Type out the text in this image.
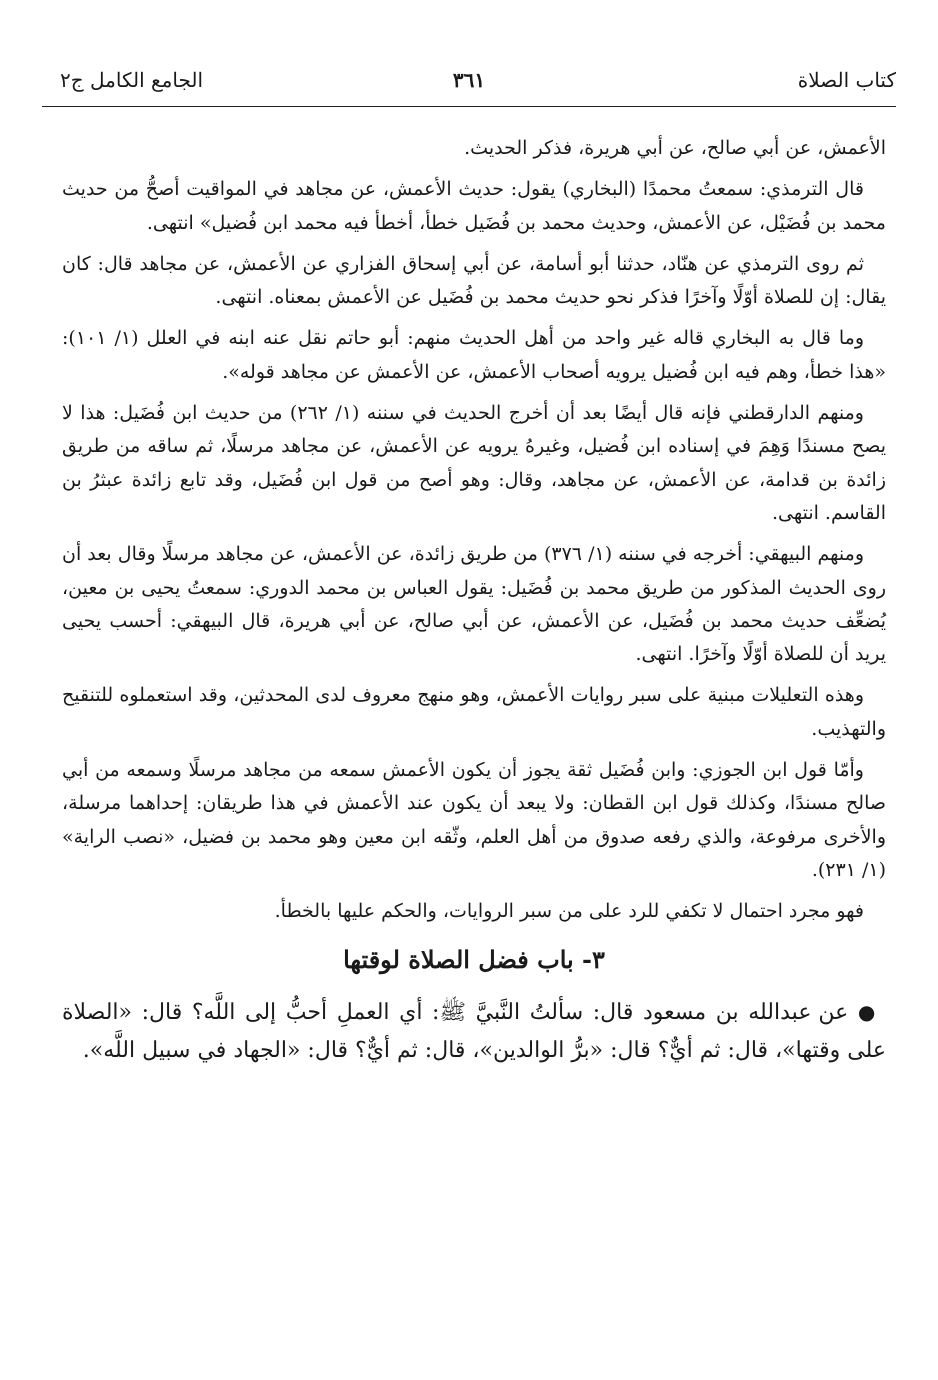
كتاب الصلاة
٣٦١
الجامع الكامل ج٢

الأعمش، عن أبي صالح، عن أبي هريرة، فذكر الحديث.

قال الترمذي: سمعتُ محمدًا (البخاري) يقول: حديث الأعمش، عن مجاهد في المواقيت أصحُّ من حديث محمد بن فُضَيْل، عن الأعمش، وحديث محمد بن فُضَيل خطأ، أخطأ فيه محمد ابن فُضيل» انتهى.

ثم روى الترمذي عن هنّاد، حدثنا أبو أسامة، عن أبي إسحاق الفزاري عن الأعمش، عن مجاهد قال: كان يقال: إن للصلاة أوّلًا وآخرًا فذكر نحو حديث محمد بن فُضَيل عن الأعمش بمعناه. انتهى.

وما قال به البخاري قاله غير واحد من أهل الحديث منهم: أبو حاتم نقل عنه ابنه في العلل (١/ ١٠١): «هذا خطأ، وهم فيه ابن فُضيل يرويه أصحاب الأعمش، عن الأعمش عن مجاهد قوله».

ومنهم الدارقطني فإنه قال أيضًا بعد أن أخرج الحديث في سننه (١/ ٢٦٢) من حديث ابن فُضَيل: هذا لا يصح مسندًا وَهِمَ في إسناده ابن فُضيل، وغيرهُ يرويه عن الأعمش، عن مجاهد مرسلًا، ثم ساقه من طريق زائدة بن قدامة، عن الأعمش، عن مجاهد، وقال: وهو أصح من قول ابن فُضَيل، وقد تابع زائدة عبثرُ بن القاسم. انتهى.

ومنهم البيهقي: أخرجه في سننه (١/ ٣٧٦) من طريق زائدة، عن الأعمش، عن مجاهد مرسلًا وقال بعد أن روى الحديث المذكور من طريق محمد بن فُضَيل: يقول العباس بن محمد الدوري: سمعتُ يحيى بن معين، يُضعِّف حديث محمد بن فُضَيل، عن الأعمش، عن أبي صالح، عن أبي هريرة، قال البيهقي: أحسب يحيى يريد أن للصلاة أوّلًا وآخرًا. انتهى.

وهذه التعليلات مبنية على سبر روايات الأعمش، وهو منهج معروف لدى المحدثين، وقد استعملوه للتنقيح والتهذيب.

وأمّا قول ابن الجوزي: وابن فُضَيل ثقة يجوز أن يكون الأعمش سمعه من مجاهد مرسلًا وسمعه من أبي صالح مسندًا، وكذلك قول ابن القطان: ولا يبعد أن يكون عند الأعمش في هذا طريقان: إحداهما مرسلة، والأخرى مرفوعة، والذي رفعه صدوق من أهل العلم، وثّقه ابن معين وهو محمد بن فضيل، «نصب الراية» (١/ ٢٣١).

فهو مجرد احتمال لا تكفي للرد على من سبر الروايات، والحكم عليها بالخطأ.

٣- باب فضل الصلاة لوقتها

● عن عبدالله بن مسعود قال: سألتُ النَّبيَّ ﷺ: أي العملِ أحبُّ إلى اللَّه؟ قال: «الصلاة على وقتها»، قال: ثم أيٌّ؟ قال: «برُّ الوالدين»، قال: ثم أيٌّ؟ قال: «الجهاد في سبيل اللَّه».
